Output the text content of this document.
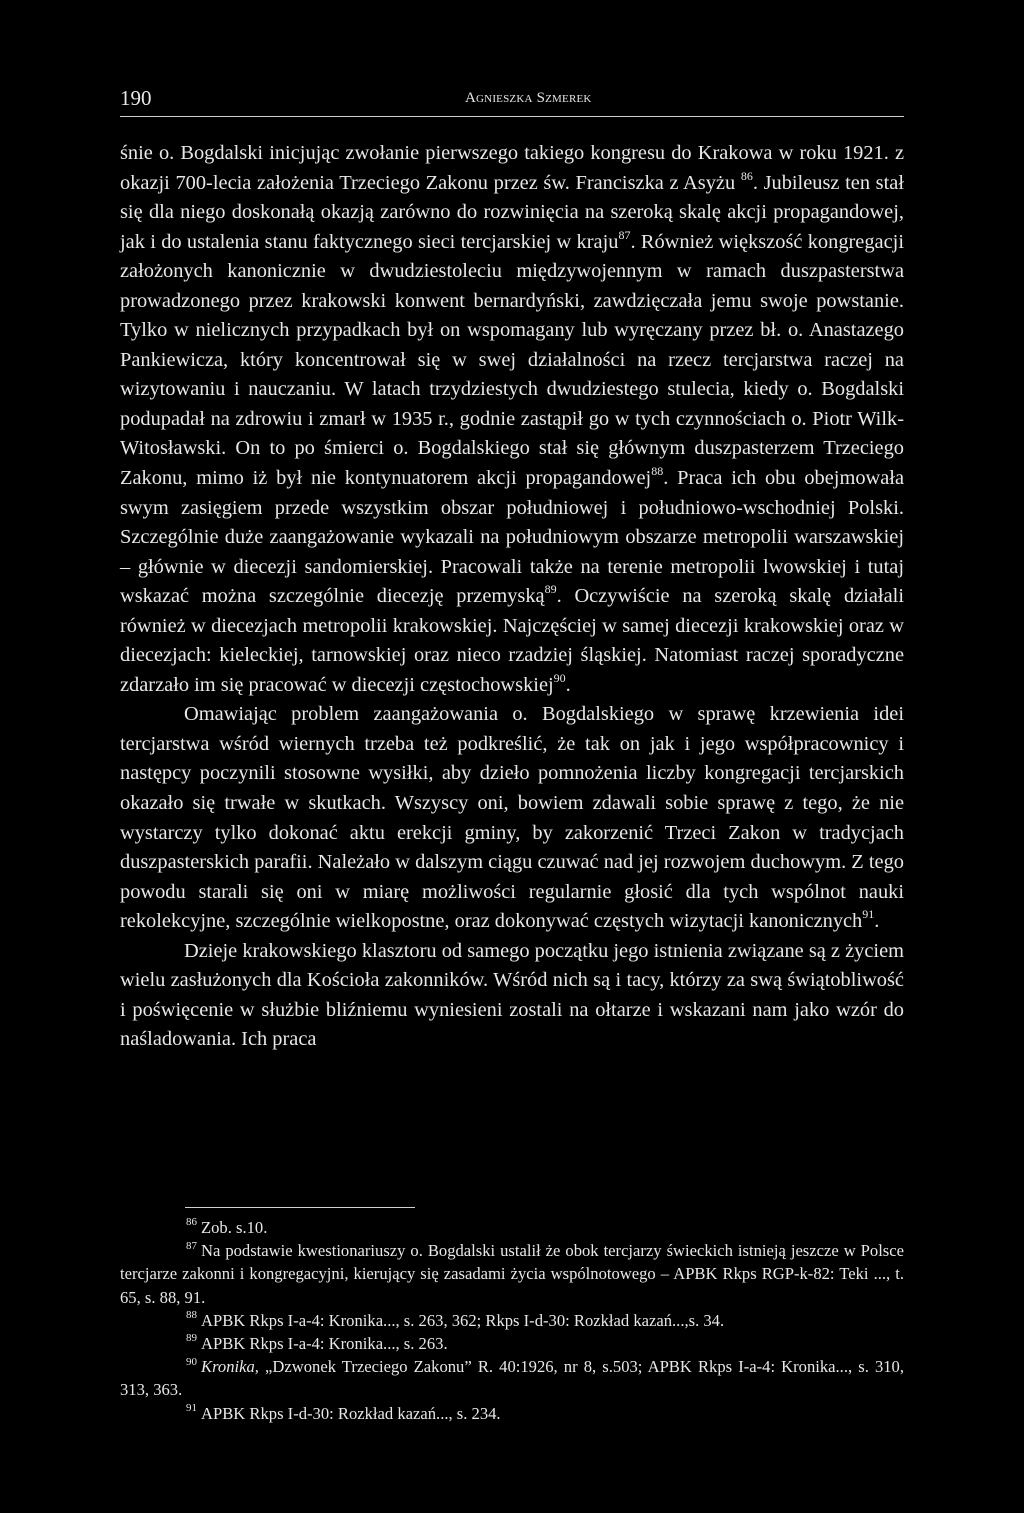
190	Agnieszka Szmerek

śnie o. Bogdalski inicjując zwołanie pierwszego takiego kongresu do Krakowa w roku 1921. z okazji 700-lecia założenia Trzeciego Zakonu przez św. Franciszka z Asyżu $^{86}$. Jubileusz ten stał się dla niego doskonałą okazją zarówno do rozwinięcia na szeroką skalę akcji propagandowej, jak i do ustalenia stanu faktycznego sieci tercjarskiej w kraju$^{87}$. Również większość kongregacji założonych kanonicznie w dwudziestoleciu międzywojennym w ramach duszpasterstwa prowadzonego przez krakowski konwent bernardyński, zawdzięczała jemu swoje powstanie. Tylko w nielicznych przypadkach był on wspomagany lub wyręczany przez bł. o. Anastazego Pankiewicza, który koncentrował się w swej działalności na rzecz tercjarstwa raczej na wizytowaniu i nauczaniu. W latach trzydziestych dwudziestego stulecia, kiedy o. Bogdalski podupadał na zdrowiu i zmarł w 1935 r., godnie zastąpił go w tych czynnościach o. Piotr Wilk-Witosławski. On to po śmierci o. Bogdalskiego stał się głównym duszpasterzem Trzeciego Zakonu, mimo iż był nie kontynuatorem akcji propagandowej$^{88}$. Praca ich obu obejmowała swym zasięgiem przede wszystkim obszar południowej i południowo-wschodniej Polski. Szczególnie duże zaangażowanie wykazali na południowym obszarze metropolii warszawskiej – głównie w diecezji sandomierskiej. Pracowali także na terenie metropolii lwowskiej i tutaj wskazać można szczególnie diecezję przemyską$^{89}$. Oczywiście na szeroką skalę działali również w diecezjach metropolii krakowskiej. Najczęściej w samej diecezji krakowskiej oraz w diecezjach: kieleckiej, tarnowskiej oraz nieco rzadziej śląskiej. Natomiast raczej sporadyczne zdarzało im się pracować w diecezji częstochowskiej$^{90}$.

Omawiając problem zaangażowania o. Bogdalskiego w sprawę krzewienia idei tercjarstwa wśród wiernych trzeba też podkreślić, że tak on jak i jego współpracownicy i następcy poczynili stosowne wysiłki, aby dzieło pomnożenia liczby kongregacji tercjarskich okazało się trwałe w skutkach. Wszyscy oni, bowiem zdawali sobie sprawę z tego, że nie wystarczy tylko dokonać aktu erekcji gminy, by zakorzenić Trzeci Zakon w tradycjach duszpasterskich parafii. Należało w dalszym ciągu czuwać nad jej rozwojem duchowym. Z tego powodu starali się oni w miarę możliwości regularnie głosić dla tych wspólnot nauki rekolekcyjne, szczególnie wielkopostne, oraz dokonywać częstych wizytacji kanonicznych$^{91}$.

Dzieje krakowskiego klasztoru od samego początku jego istnienia związane są z życiem wielu zasłużonych dla Kościoła zakonników. Wśród nich są i tacy, którzy za swą świątobliwość i poświęcenie w służbie bliźniemu wyniesieni zostali na ołtarze i wskazani nam jako wzór do naśladowania. Ich praca

$^{86}$ Zob. s.10.

$^{87}$ Na podstawie kwestionariuszy o. Bogdalski ustalił że obok tercjarzy świeckich istnieją jeszcze w Polsce tercjarze zakonni i kongregacyjni, kierujący się zasadami życia wspólnotowego – APBK Rkps RGP-k-82: Teki ..., t. 65, s. 88, 91.

$^{88}$ APBK Rkps I-a-4: Kronika..., s. 263, 362; Rkps I-d-30: Rozkład kazań...,s. 34.

$^{89}$ APBK Rkps I-a-4: Kronika..., s. 263.

$^{90}$ Kronika, „Dzwonek Trzeciego Zakonu” R. 40:1926, nr 8, s.503; APBK Rkps I-a-4: Kronika..., s. 310, 313, 363.

$^{91}$ APBK Rkps I-d-30: Rozkład kazań..., s. 234.
